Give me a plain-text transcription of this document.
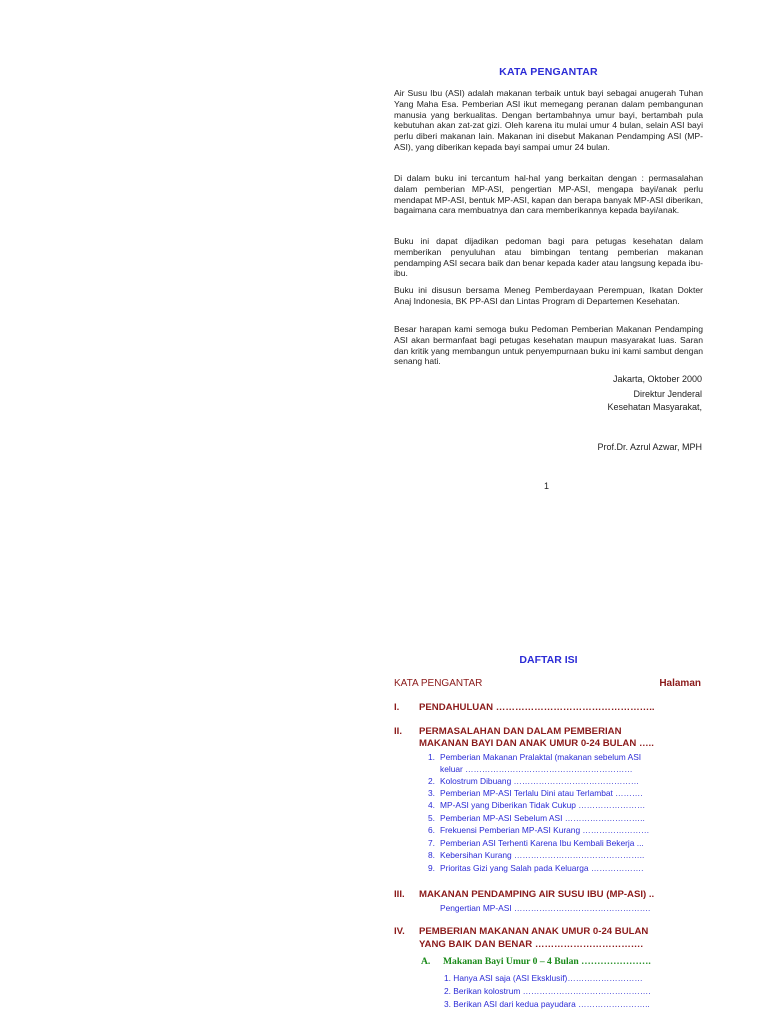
KATA PENGANTAR

Air Susu Ibu (ASI) adalah makanan terbaik untuk bayi sebagai anugerah Tuhan Yang Maha Esa. Pemberian ASI ikut memegang peranan dalam pembangunan manusia yang berkualitas. Dengan bertambahnya umur bayi, bertambah pula kebutuhan akan zat-zat gizi. Oleh karena itu mulai umur 4 bulan, selain ASI bayi perlu diberi makanan lain. Makanan ini disebut Makanan Pendamping ASI (MP-ASI), yang diberikan kepada bayi sampai umur 24 bulan.

Di dalam buku ini tercantum hal-hal yang berkaitan dengan : permasalahan dalam pemberian MP-ASI, pengertian MP-ASI, mengapa bayi/anak perlu mendapat MP-ASI, bentuk MP-ASI, kapan dan berapa banyak MP-ASI diberikan, bagaimana cara membuatnya dan cara memberikannya kepada bayi/anak.

Buku ini dapat dijadikan pedoman bagi para petugas kesehatan dalam memberikan penyuluhan atau bimbingan tentang pemberian makanan pendamping ASI secara baik dan benar kepada kader atau langsung kepada ibu-ibu.

Buku ini disusun bersama Meneg Pemberdayaan Perempuan, Ikatan Dokter Anaj Indonesia, BK PP-ASI dan Lintas Program di Departemen Kesehatan.

Besar harapan kami semoga buku Pedoman Pemberian Makanan Pendamping ASI akan bermanfaat bagi petugas kesehatan maupun masyarakat luas. Saran dan kritik yang membangun untuk penyempurnaan buku ini kami sambut dengan senang hati.

Jakarta, Oktober 2000
Direktur Jenderal
Kesehatan Masyarakat,
Prof.Dr. Azrul Azwar, MPH
1
DAFTAR ISI
KATA PENGANTAR	Halaman
I. PENDAHULUAN …………………………………………..
II. PERMASALAHAN DAN DALAM PEMBERIAN
MAKANAN BAYI DAN ANAK UMUR 0-24 BULAN …..
1. Pemberian Makanan Pralaktal (makanan sebelum ASI
keluar ……………………………………………………
2. Kolostrum Dibuang ………………………………………
3. Pemberian MP-ASI Terlalu Dini atau Terlambat ……….
4. MP-ASI yang Diberikan Tidak Cukup ……………………
5. Pemberian MP-ASI Sebelum ASI ………………………..
6. Frekuensi Pemberian MP-ASI Kurang ……………………
7. Pemberian ASI Terhenti Karena Ibu Kembali Bekerja ...
8. Kebersihan Kurang ………………………………………..
9. Prioritas Gizi yang Salah pada Keluarga ……………….
III. MAKANAN PENDAMPING AIR SUSU IBU (MP-ASI) ..
Pengertian MP-ASI ………………………………………….
IV. PEMBERIAN MAKANAN ANAK UMUR 0-24 BULAN
YANG BAIK DAN BENAR …………………………….
A. Makanan Bayi Umur 0 – 4 Bulan ………………….
1. Hanya ASI saja (ASI Eksklusif)………………………
2. Berikan kolostrum ……………………………………….
3. Berikan ASI dari kedua payudara ……………………..
